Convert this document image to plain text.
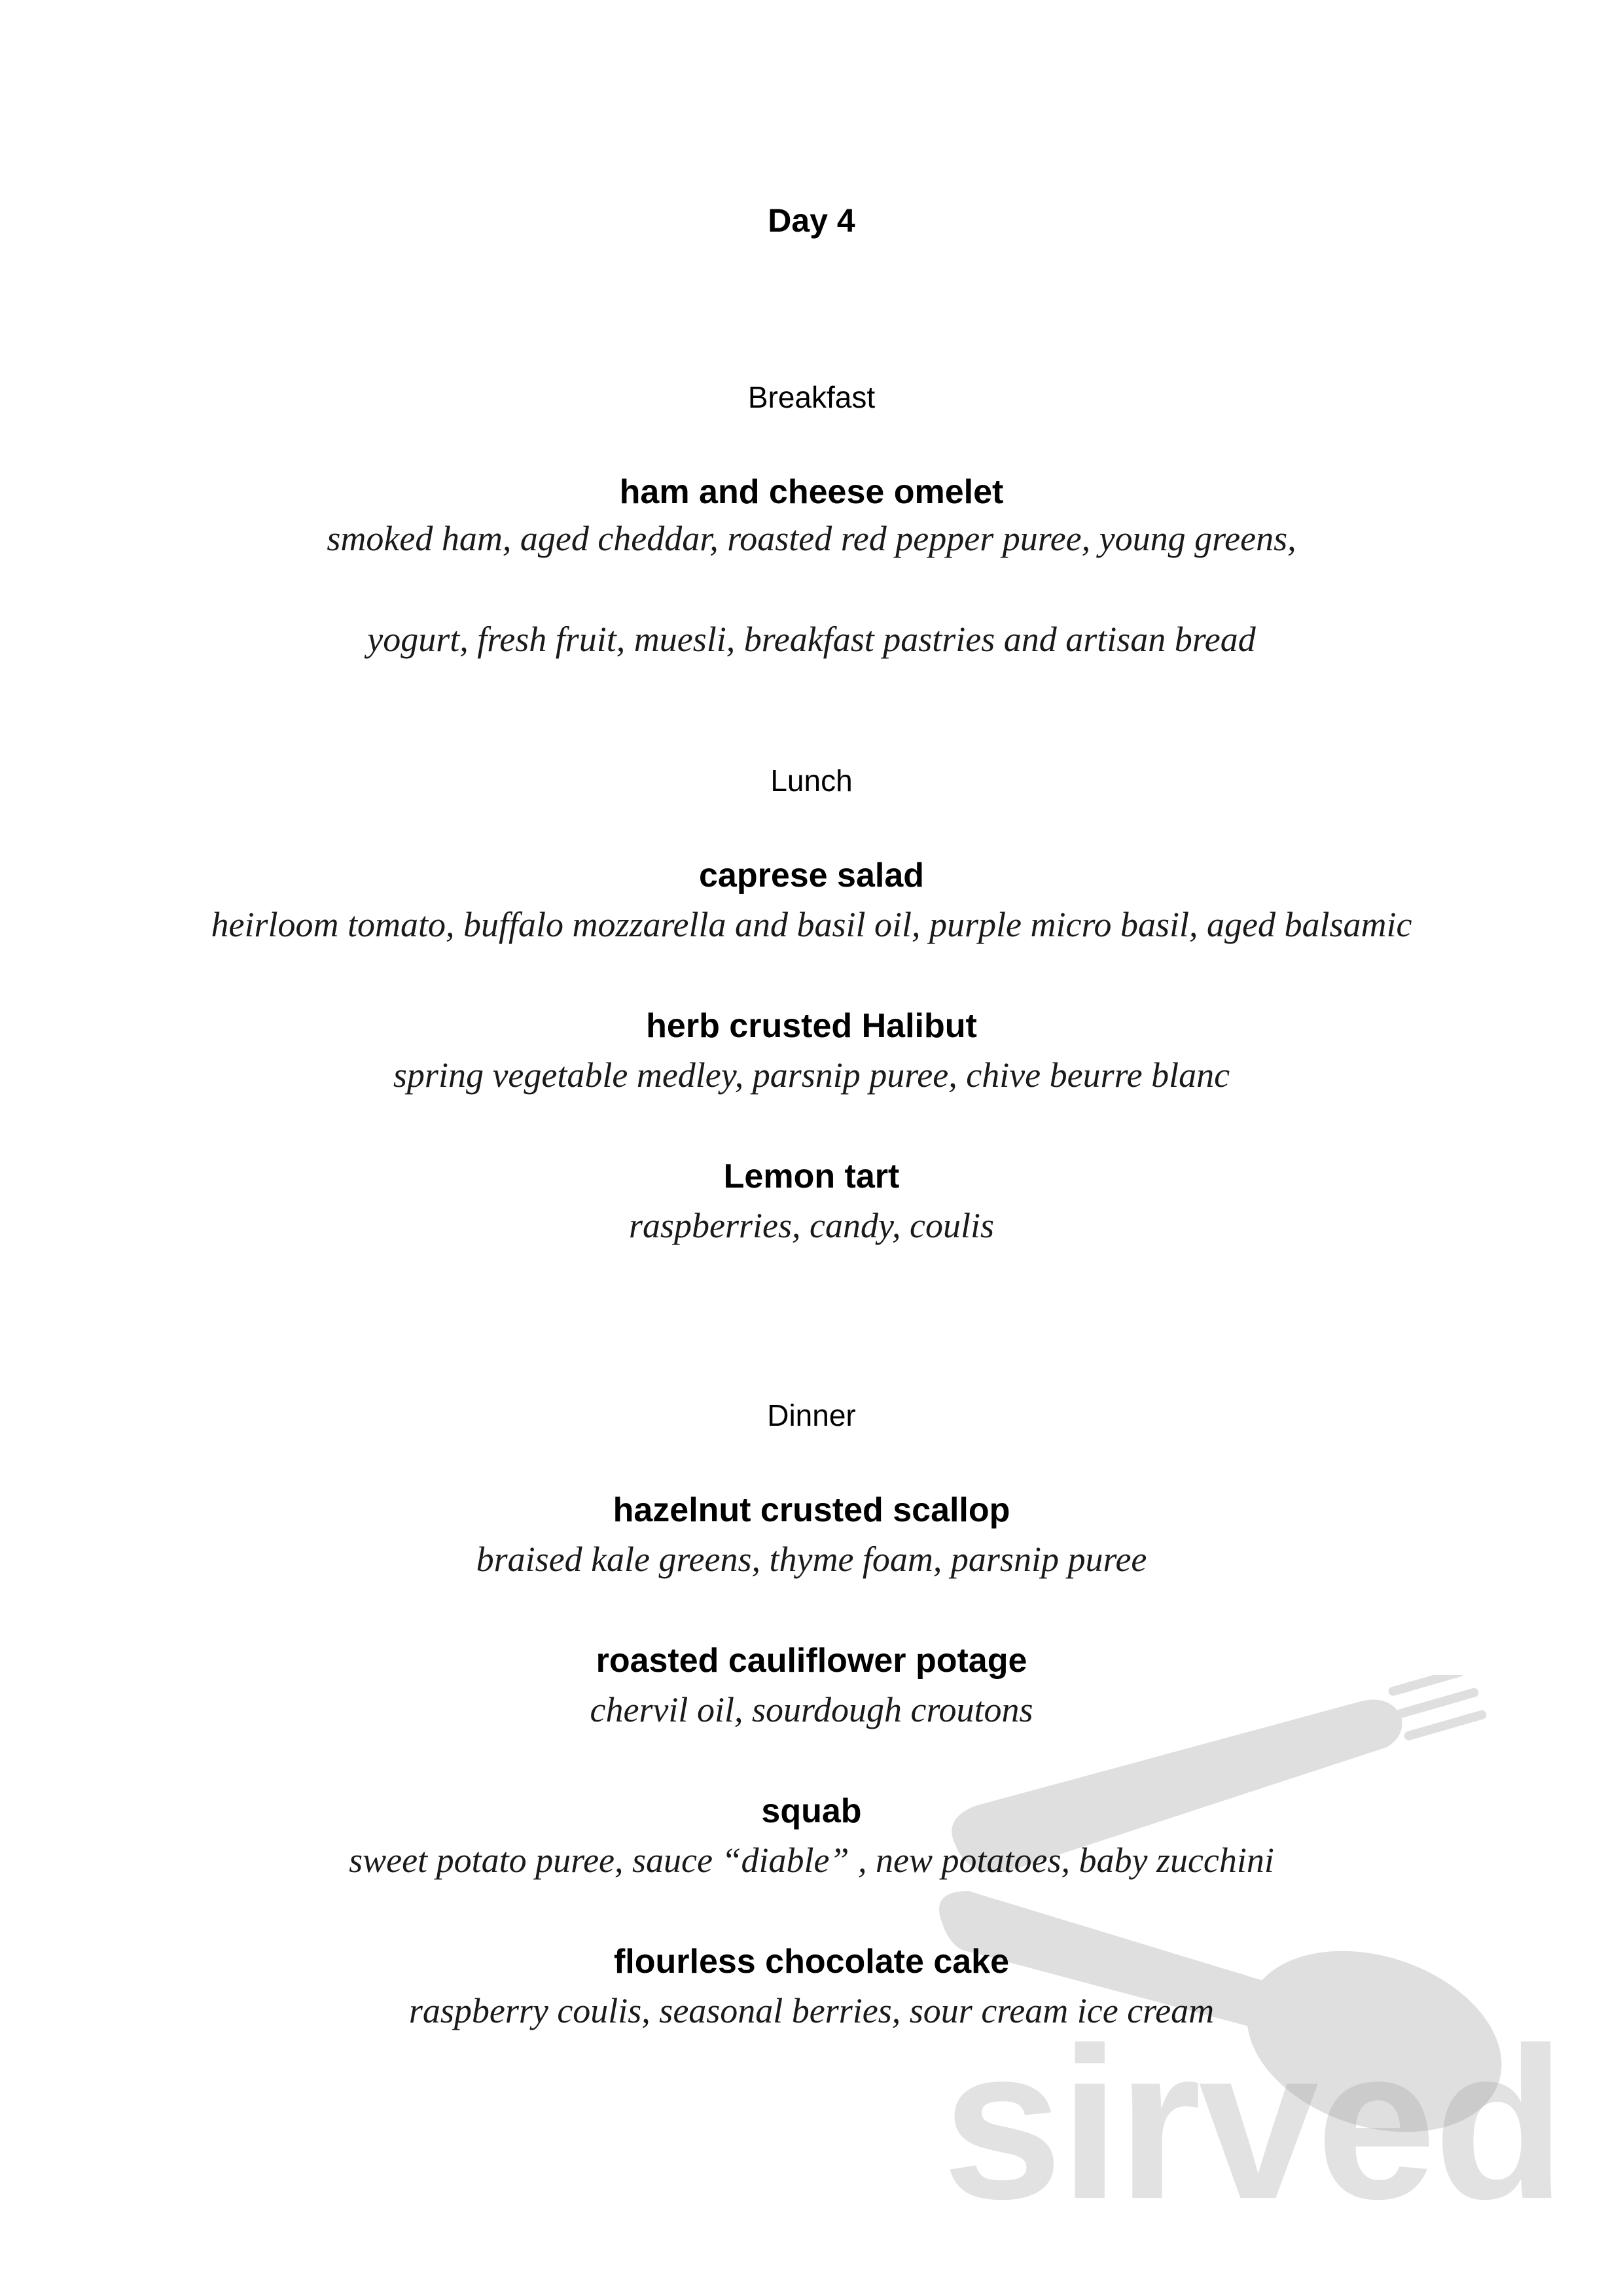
Day 4
Breakfast
ham and cheese omelet
smoked ham, aged cheddar, roasted red pepper puree, young greens,
yogurt, fresh fruit, muesli, breakfast pastries and artisan bread
Lunch
caprese salad
heirloom tomato, buffalo mozzarella and basil oil, purple micro basil, aged balsamic
herb crusted Halibut
spring vegetable medley, parsnip puree, chive beurre blanc
Lemon tart
raspberries, candy, coulis
Dinner
hazelnut crusted scallop
braised kale greens, thyme foam, parsnip puree
roasted cauliflower potage
chervil oil, sourdough croutons
squab
sweet potato puree, sauce “diable” , new potatoes, baby zucchini
flourless chocolate cake
raspberry coulis, seasonal berries, sour cream ice cream
sirved
